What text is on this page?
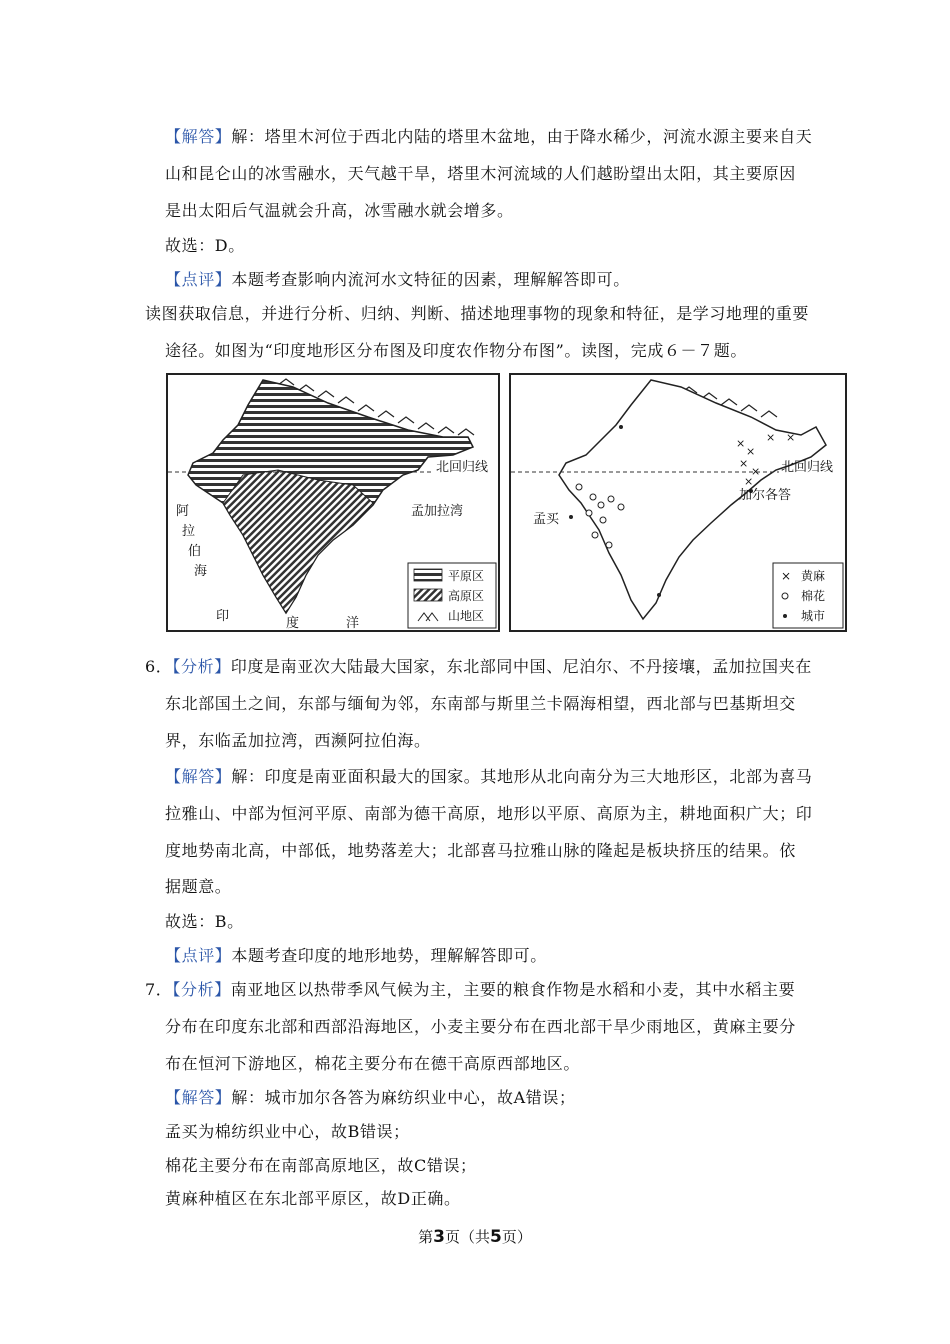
【解答】解：塔里木河位于西北内陆的塔里木盆地，由于降水稀少，河流水源主要来自天
山和昆仑山的冰雪融水，天气越干旱，塔里木河流域的人们越盼望出太阳，其主要原因
是出太阳后气温就会升高，冰雪融水就会增多。
故选：D。
【点评】本题考查影响内流河水文特征的因素，理解解答即可。
读图获取信息，并进行分析、归纳、判断、描述地理事物的现象和特征，是学习地理的重要
途径。如图为“印度地形区分布图及印度农作物分布图”。读图，完成６－７题。
北回归线
孟加拉湾
阿
拉
伯
海
印	度	洋
平原区
高原区
山地区
北回归线
×
×
×
×
×
× ×
孟买
加尔各答
× 黄麻
棉花
城市
6．【分析】印度是南亚次大陆最大国家，东北部同中国、尼泊尔、不丹接壤，孟加拉国夹在
东北部国土之间，东部与缅甸为邻，东南部与斯里兰卡隔海相望，西北部与巴基斯坦交
界，东临孟加拉湾，西濒阿拉伯海。
【解答】解：印度是南亚面积最大的国家。其地形从北向南分为三大地形区，北部为喜马
拉雅山、中部为恒河平原、南部为德干高原，地形以平原、高原为主，耕地面积广大；印
度地势南北高，中部低，地势落差大；北部喜马拉雅山脉的隆起是板块挤压的结果。依
据题意。
故选：B。
【点评】本题考查印度的地形地势，理解解答即可。
7．【分析】南亚地区以热带季风气候为主，主要的粮食作物是水稻和小麦，其中水稻主要
分布在印度东北部和西部沿海地区，小麦主要分布在西北部干旱少雨地区，黄麻主要分
布在恒河下游地区，棉花主要分布在德干高原西部地区。
【解答】解：城市加尔各答为麻纺织业中心，故A错误；
孟买为棉纺织业中心，故B错误；
棉花主要分布在南部高原地区，故C错误；
黄麻种植区在东北部平原区，故D正确。
第3页（共5页）
